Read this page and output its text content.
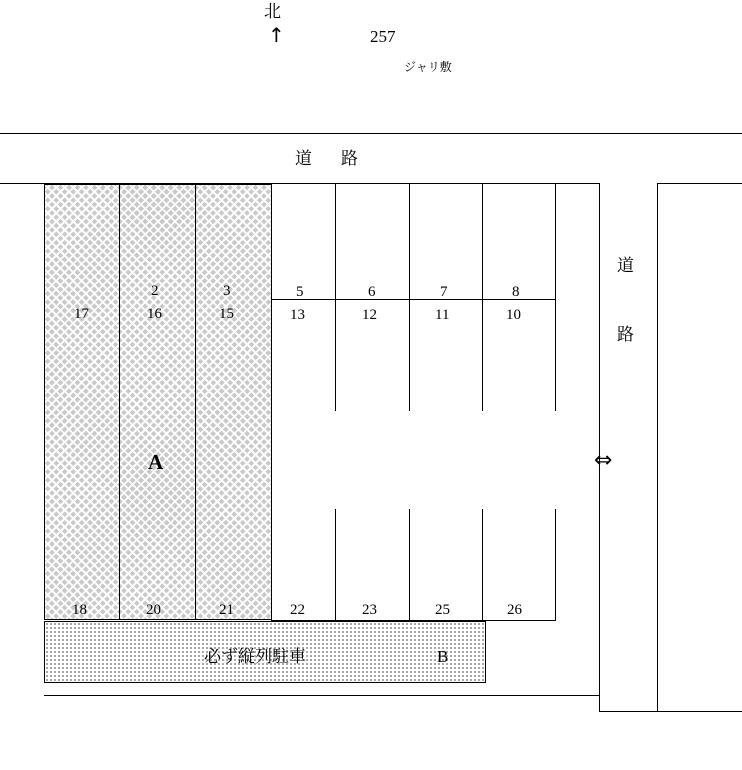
北
↑	257
ジャリ敷
道　路
道
路
⇔
A
2	3
17	16	15
18	20	21
5	6	7	8
13	12	11	10
22	23	25	26
必ず縦列駐車	B
